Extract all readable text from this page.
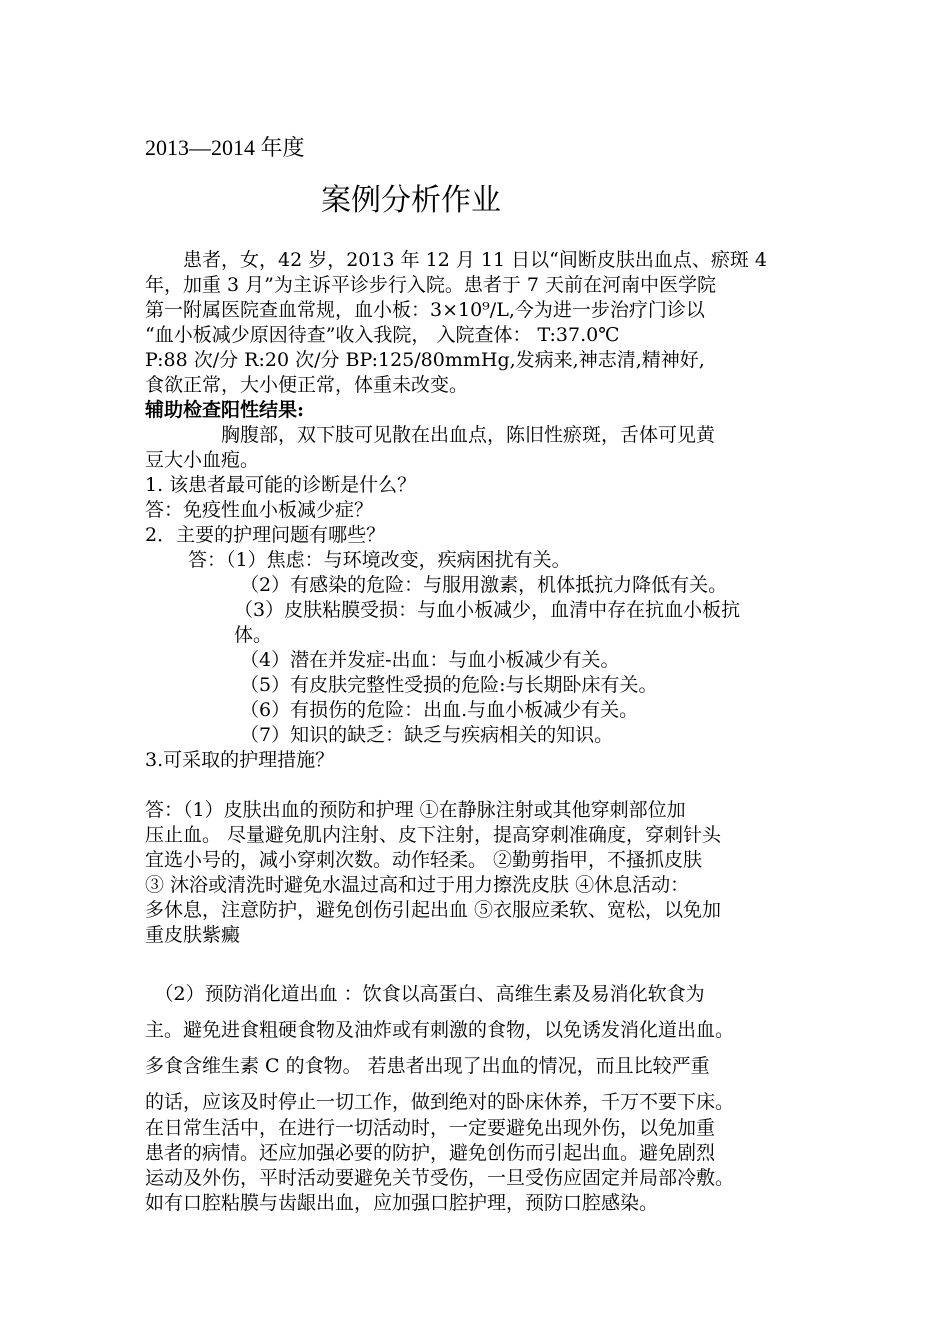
2013—2014 年度
案例分析作业
　　患者，女，42 岁，2013 年 12 月 11 日以“间断皮肤出血点、瘀斑 4
年，加重 3 月”为主诉平诊步行入院。患者于 7 天前在河南中医学院
第一附属医院查血常规，血小板：3×10⁹/L,今为进一步治疗门诊以
“血小板减少原因待查”收入我院， 入院查体： T:37.0℃
P:88 次/分 R:20 次/分 BP:125/80mmHg,发病来,神志清,精神好,
食欲正常，大小便正常，体重未改变。
辅助检查阳性结果:
　　　　胸腹部，双下肢可见散在出血点，陈旧性瘀斑，舌体可见黄
豆大小血疱。
1. 该患者最可能的诊断是什么？
答：免疫性血小板减少症？
2．主要的护理问题有哪些？
答：（1）焦虑：与环境改变，疾病困扰有关。
（2）有感染的危险：与服用激素，机体抵抗力降低有关。
（3）皮肤粘膜受损：与血小板减少，血清中存在抗血小板抗
体。
（4）潜在并发症-出血：与血小板减少有关。
（5）有皮肤完整性受损的危险:与长期卧床有关。
（6）有损伤的危险：出血.与血小板减少有关。
（7）知识的缺乏：缺乏与疾病相关的知识。
3.可采取的护理措施？
答：（1）皮肤出血的预防和护理 ①在静脉注射或其他穿刺部位加
压止血。 尽量避免肌内注射、皮下注射，提高穿刺准确度，穿刺针头
宜选小号的，减小穿刺次数。动作轻柔。 ②勤剪指甲，不搔抓皮肤
③ 沐浴或清洗时避免水温过高和过于用力擦洗皮肤 ④休息活动：
多休息，注意防护，避免创伤引起出血 ⑤衣服应柔软、宽松，以免加
重皮肤紫癜
　（2）预防消化道出血 ：饮食以高蛋白、高维生素及易消化软食为
主。避免进食粗硬食物及油炸或有刺激的食物，以免诱发消化道出血。
多食含维生素 C 的食物。 若患者出现了出血的情况，而且比较严重
的话，应该及时停止一切工作，做到绝对的卧床休养，千万不要下床。
在日常生活中，在进行一切活动时，一定要避免出现外伤，以免加重
患者的病情。还应加强必要的防护，避免创伤而引起出血。避免剧烈
运动及外伤，平时活动要避免关节受伤，一旦受伤应固定并局部冷敷。
如有口腔粘膜与齿龈出血，应加强口腔护理，预防口腔感染。
